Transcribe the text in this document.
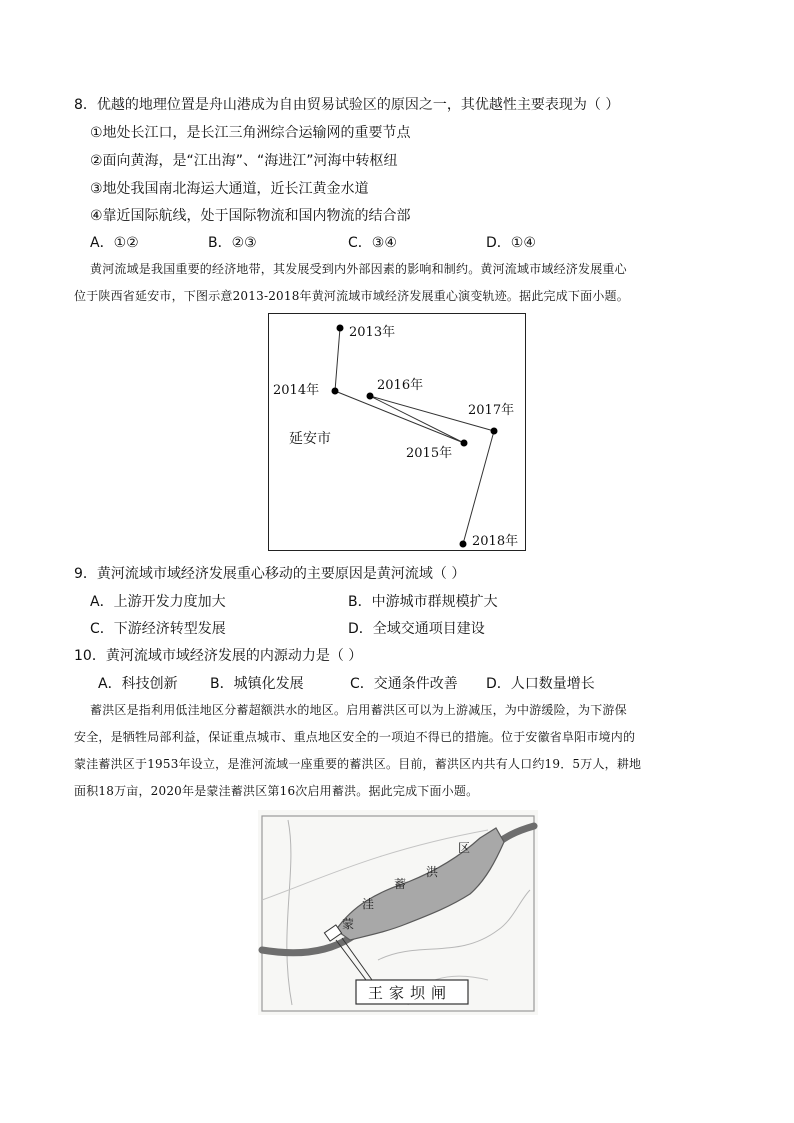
8．优越的地理位置是舟山港成为自由贸易试验区的原因之一，其优越性主要表现为（ ）
①地处长江口，是长江三角洲综合运输网的重要节点
②面向黄海，是“江出海”、“海进江”河海中转枢纽
③地处我国南北海运大通道，近长江黄金水道
④靠近国际航线，处于国际物流和国内物流的结合部
A．①②	B．②③	C．③④	D．①④
黄河流域是我国重要的经济地带，其发展受到内外部因素的影响和制约。黄河流域市域经济发展重心
位于陕西省延安市，下图示意2013-2018年黄河流域市域经济发展重心演变轨迹。据此完成下面小题。
2013年
2014年
2015年
2016年
2017年
2018年
延安市
9．黄河流域市域经济发展重心移动的主要原因是黄河流域（ ）
A．上游开发力度加大	B．中游城市群规模扩大
C．下游经济转型发展	D．全域交通项目建设
10．黄河流域市域经济发展的内源动力是（ ）
A．科技创新 B．城镇化发展	C．交通条件改善 D．人口数量增长
蓄洪区是指利用低洼地区分蓄超额洪水的地区。启用蓄洪区可以为上游减压，为中游缓险，为下游保
安全，是牺牲局部利益，保证重点城市、重点地区安全的一项迫不得已的措施。位于安徽省阜阳市境内的
蒙洼蓄洪区于1953年设立，是淮河流域一座重要的蓄洪区。目前，蓄洪区内共有人口约19．5万人，耕地
面积18万亩，2020年是蒙洼蓄洪区第16次启用蓄洪。据此完成下面小题。
蒙
洼
蓄
洪
区
王家坝闸
